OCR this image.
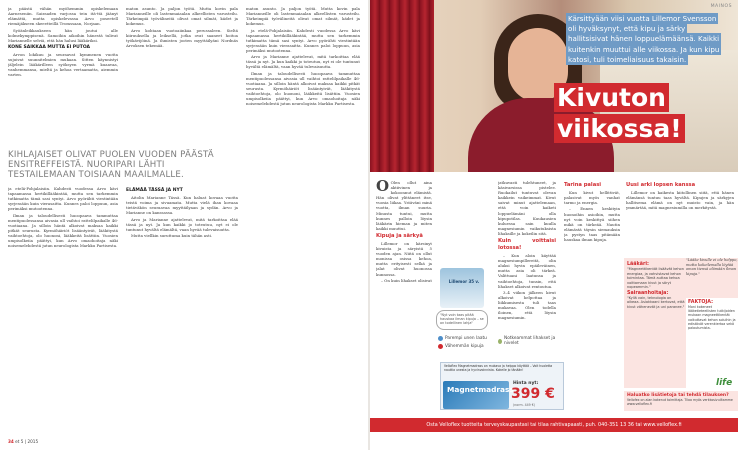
ja päästä vähän myöhemmin opiskelemaan Aarneseniin. Sairaaden varjossa tein itä-ttä jäänyt elämättä, mutta opiskelevassa Arvo poseetell riemäjäkseen skeeetteillä Tromssaan, Norjaan.

Syöänleikkaukseen hän joutui alle kolmekymppisenä. Samoihin aikoihin hänestä tulivat Mariannelle selviä, että hän halusi lääkäriksi.

KONE SAIKKAA MUTTA EI PUTOA

Arvon lokikuu ja seuraavat kymmenen vuotta sujuivat suunnitelmien mukaan. Sitten käynnistyi jäljelein lääkärilleen syöksyen vyrmä kuaavaa, vanhemmansa, mieltä ja kehoa vertaamatta, aiemmin varten.

KIHLAJAISET OLIVAT PUOLEN VUODEN PÄÄSTÄ ENSITREFFEISTÄ. NUORIPARI LÄHTI TESTAILEMAAN TOISIAAN MAAILMALLE.

ja etelä-Pohjalaisiin. Kahdesti vuodessa Arvo kävi tapaamassa hertikillääkintää, mutta sen tarkemmin tutkimatta tämä sasi syntyi. Arvo pyörähti viestintään syrjessään kuin vierasaitta. Kunnes paloi loppuun, asia perimäksi mutootenna.

Ilman ja taloudellisesti huoopaava tammuttaa mentipuolessansa aivasia ull vaihtoi rattelilpaikalle 46-vuotiaana. Ja silloin häntä alkoivat maksaa kaikki pitkät seurusta. Kyrmöhäiriöt lisääntyivät, lääkitystä vaihtoehtoja, olo huononi, lääkkeitä lisättiin. Vuosien umpisolkeiia päättyi, kun Arvo omaohoitaja näki noisemelehdestä jutun neurologista Markku Partisesta.

maton asunto. Ja paljon työtä. Mutta kovin pala Marianneille oli lastenmaiaalan alkeellisten varusteilu. Tärkeimpiä työvälineitä olivat omat silmät, kädet ja kokemus.

Arvo kohtaan vuotoaiinkaa perussaleen. Sieltä kiiruuksella ja leiksellä, jotka ovat saaneet hoitoa työkävijöinä. Ja ihmisten jooten myyttäilyäni Nordnäs Arvoksen tekemää.

ELÄMÄÄ TÄSSÄ JA NYT

Aitolin Marianne Tässä. Kun haluat kovaaa vuotta teistä voima ja sivuamata. Mutta vielä ihan kovaaa tietäväkön seuraavaa myyttäilyaan ja sydän. Arvo ja Marianne on kanssassa.

Arvo ja Marianne ajattelevat, mitä tarkoittaa elää tässä ja nyt. Ja kun kaikki jo toteutuu, nyt ei ole tuntunut hyvältä elämältä, vaan hyvää tulevaisuutta.

Mutta viellkin suruttuma kuin tähän asti.

maton asunto. Ja paljon työtä. Mutta kovin pala Marianneille oli lastenmaiaalan alkeellisten varusteilu. Tärkeimpiä työvälineitä olivat omat silmät, kädet ja kokemus.

ja etelä-Pohjalaisiin. Kahdesti vuodessa Arvo kävi tapaamassa hertikillääkintää, mutta sen tarkemmin tutkimatta tämä sasi syntyi. Arvo pyörähti viestintään syrjessään kuin vierasaitta. Kunnes paloi loppuun, asia perimäksi mutootenna.

Arvo ja Marianne ajattelevat, mitä tarkoittaa elää tässä ja nyt. Ja kun kaikki jo toteutuu, nyt ei ole tuntunut hyvältä elämältä, vaan hyvää tulevaisuutta.

Ilman ja taloudellisesti huoopaava tammuttaa mentipuolessansa aivasia ull vaihtoi rattelilpaikalle 46-vuotiaana. Ja silloin häntä alkoivat maksaa kaikki pitkät seurusta. Kyrmöhäiriöt lisääntyivät, lääkitystä vaihtoehtoja, olo huononi, lääkkeitä lisättiin. Vuosien umpisolkeiia päättyi, kun Arvo omaohoitaja näki noisemelehdestä jutun neurologista Markku Partisesta.

34 et 5 | 2015
Kärsittyään viisi vuotta Lillemor Svensson oli hyväksynyt, että kipu ja särky hallitsisivat hänen loppuelämäänsä. Kaikki kuitenkin muuttui alle viikossa. Ja kun kipu katosi, tuli toimeliaisuus takaisin.
MAINOS
Kivuton
viikossa!

O Olen ollut aina aktiivinen ja kokoonnut elämistä. Hän olivat ylittäneet itse, vuosia liikaa. Ystäväni minä vuotta, ilman suuria. Minusta tuntui, mutta kunnes palloin löysin lääkärin hieman ja miten kaikki muuttui.

Kipuja ja särkyä

Lillemor on kärsinyt kivuista ja säryistä 5 vuoden ajan. Niitä on ollut monissa osissa kehoa, mutta erityisesti selkä ja jalat olivat huonossa kunnossa.

– On kuin lihakset olisivat	Lillemor 35 v.
"Nyt voin taas pitää hauskaa ilman kipuja – se on todellinen lahja"
Parempi unen laatu
Vähemmän kipuja
Notkeammat lihakset ja nivelet

jatkuvasti tulehtuneet, ja käsivarsissa pistelee. Ruokailut tuntuvat olevan kaikkein vaikeimmat. Kivut saivat minut ajattelemaan, että voin kaiketi loppuelämäni olla kipupotilas. Kuukausien kuluessa sain kuulla magnesiumin vaikutuksista lihaksille ja kokeilin sitä.

Kuin voittaisi lotossa!

– Kun aloin käyttää magnesiumpillereitä, olin aluksi hyvin epäileväinen, mutta asia oli tärkeä. Valittuani laatunsa ja vaihtoehtoja, tunsin, että lihakset alkoivat rentoutua.

3–4 viikon jälkeen kivut alkoivat helpottaa ja liikkumisesta tuli taas mukavaa. Olen todella iloinen, että löysin magnesiumin.

Tarina palasi

Kun kivut hellittivät, palasivat myös vanhat tarmo ja energia.

– Ennen keskityin huonoihin asioihin, mutta nyt voin keskittyä siihen mikä on tärkeää. Nautin elämästä täysin siemauksin ja pystyn taas pitämään hauskaa ilman kipuja.

Uusi arki lopsen kanssa

Lillemor on kaikesta kiitollinen siitä, että hänen elämänsä tuntuu taas hyvältä. Kipujen ja särkyjen hallitsema elämä on nyt muisto vain, ja hän ymmärtää, mitä magnesiumilla on merkitystä.

Velloflex Magnetmadrass on mukava ja helppo käyttää – Voit huoletta nauttia unesta ja hyvinvoinnista. Kokeile jo tänään!
Magnetmadrass
Hinta nyt:
399 €
(norm. 449 €)
Lääkäri:
"Magneettikentät lisäävät kehon energiaa, ja vahvistavat kehon toimintaa. Tämä auttaa kehoa voittamaan kivut ja säryt nopeammin."
Sairaanhoitaja:
"Kyllä vain, teknologia on oikeaa. Asiakkaani kertovat, että kivut vähenevät ja uni paranee."
"Lääke kivulle ei ole helppo, mutta kokeilemalla löytää oman tiensä elämään ilman kipuja."
FAKTOJA:
Moni kokeneet lääketieteellisten tutkijoiden mukaan magneettikentät vaikuttavat kehon soluihin ja edistävät verenkiertoa sekä palautumista.
Haluatko lisätietoja tai tehdä tilauksen?
Vellofex on alan kokenut toimittaja. Tilaa myös verkkosivuiltamme www.velloflex.fi
life
Osta Velloflex tuotteita terveyskaupastasi tai tilaa rahtivapaasti, puh. 040-351 13 36 tai www.velloflex.fi
